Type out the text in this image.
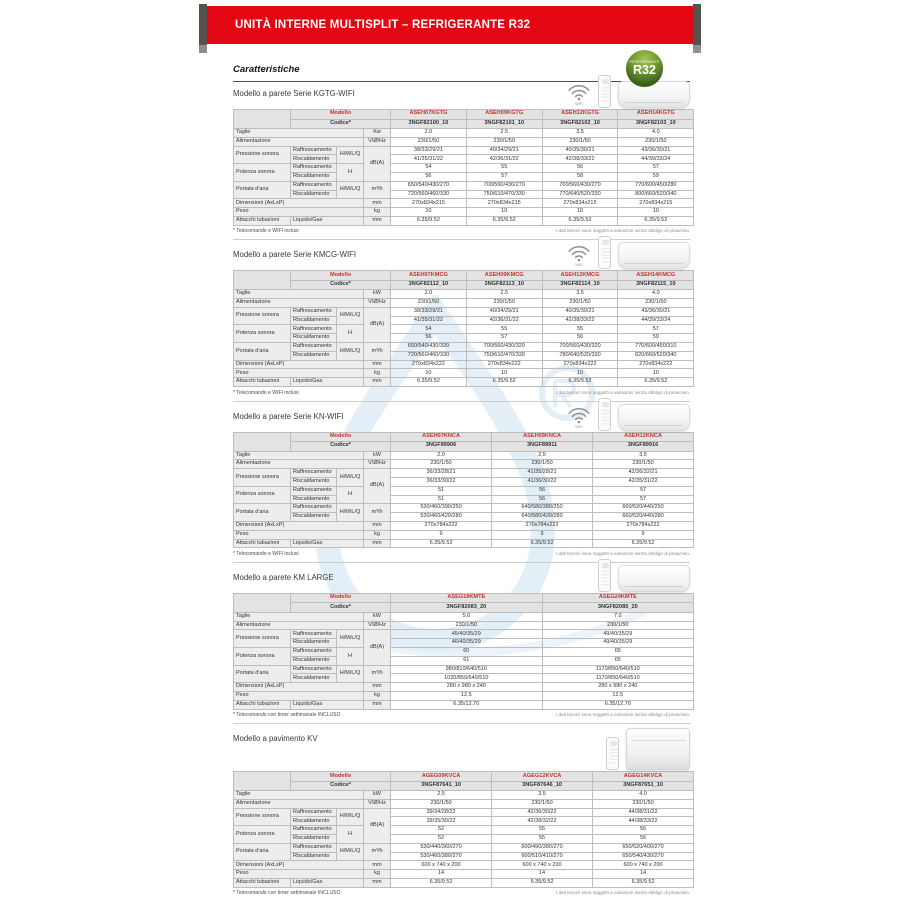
UNITÀ INTERNE MULTISPLIT – REFRIGERANTE R32
REFRIGERANTE
R32
Caratteristiche
Modello a parete Serie KGTG-WIFI
WIFI
	Modello			ASEH07KGTG	ASEH09KGTG	ASEH12KGTG	ASEH14KGTG
	Codice*			3NGF82100_10	3NGF82101_10	3NGF82102_10	3NGF82103_10
Taglie			Kw	2.0	2.5	3.5	4.0
Alimentazione			V/Ø/Hz	230/1/50	230/1/50	230/1/50	230/1/50
Pressione sonora	Raffrescamento	H/M/L/Q	dB(A)	38/33/29/21	40/34/29/21	40/35/30/21	43/36/30/21
	Riscaldamento			41/35/31/22	42/36/31/22	42/38/33/22	44/39/33/24
Potenza sonora	Raffrescamento	H		54	55	56	57
	Riscaldamento			56	57	58	59
Portata d'aria	Raffrescamento	H/M/L/Q	m³/h	650/540/430/270	700/560/430/270	700/560/430/270	770/600/450/280
	Riscaldamento			720/560/460/330	750/610/470/330	770/640/520/330	800/660/520/340
Dimensioni (AxLxP)			mm	270x834x215	270x834x215	270x834x215	270x834x215
Peso			kg	10	10	10	10
Attacchi tubazioni	Liquido/Gas		mm	6.35/9.52	6.35/9.52	6.35/9.52	6.35/9.52
* Telecomando e WIFI inclusi	I dati tecnici sono soggetti a variazioni senza obbligo di preavviso.
Modello a parete Serie KMCG-WIFI
WIFI
	Modello			ASEH07KMCG	ASEH09KMCG	ASEH12KMCG	ASEH14KMCG
	Codice*			3NGF82112_10	3NGF82113_10	3NGF82114_10	3NGF82115_10
Taglie			kW	2.0	2.5	3.5	4.0
Alimentazione			V/Ø/Hz	230/1/50	230/1/50	230/1/50	230/1/50
Pressione sonora	Raffrescamento	H/M/L/Q	dB(A)	38/33/29/21	40/34/29/21	40/35/30/21	43/36/30/21
	Riscaldamento			41/35/31/22	42/36/31/22	42/38/33/22	44/39/33/24
Potenza sonora	Raffrescamento	H		54	55	55	57
	Riscaldamento			56	57	56	59
Portata d'aria	Raffrescamento	H/M/L/Q	m³/h	650/540/430/320	700/560/430/320	700/560/430/320	770/600/450/310
	Riscaldamento			720/560/460/330	750/610/470/330	780/640/520/330	820/660/520/340
Dimensioni (AxLxP)			mm	270x834x222	270x834x222	270x834x222	270x834x222
Peso			kg	10	10	10	10
Attacchi tubazioni	Liquido/Gas		mm	6.35/9.52	6.35/9.52	6.35/9.52	6.35/9.52
* Telecomando e WIFI inclusi	I dati tecnici sono soggetti a variazioni senza obbligo di preavviso.
Modello a parete Serie KN-WIFI
WIFI
	Modello			ASEH07KNCA	ASEH09KNCA	ASEH12KNCA
	Codice*			3NGF89906	3NGF89911	3NGF89916
Taglie			kW	2.0	2.5	3.5
Alimentazione			V/Ø/Hz	230/1/50	230/1/50	230/1/50
Pressione sonora	Raffrescamento	H/M/L/Q	dB(A)	36/33/28/21	41/35/28/21	42/36/32/21
	Riscaldamento			36/33/30/22	41/36/30/22	42/35/31/22
Potenza sonora	Raffrescamento	H		51	56	57
	Riscaldamento			51	56	57
Portata d'aria	Raffrescamento	H/M/L/Q	m³/h	530/460/390/250	640/580/380/250	660/520/440/250
	Riscaldamento			530/460/420/280	640/580/420/280	660/520/440/280
Dimensioni (AxLxP)			mm	270x784x222	270x784x222	270x784x222
Peso			kg	9	9	9
Attacchi tubazioni	Liquido/Gas		mm	6.35/9.52	6.35/9.52	6.35/9.52
* Telecomando e WIFI inclusi	I dati tecnici sono soggetti a variazioni senza obbligo di preavviso.
Modello a parete KM LARGE
	Modello			ASEG18KMTE	ASEG24KMTE
	Codice*			3NGF82083_20	3NGF82085_20
Taglie			kW	5.0	7.0
Alimentazione			V/Ø/Hz	230/1/50	230/1/50
Pressione sonora	Raffrescamento	H/M/L/Q	dB(A)	45/40/35/29	49/40/35/29
	Riscaldamento			46/40/35/29	49/40/35/29
Potenza sonora	Raffrescamento	H		60	65
	Riscaldamento			61	65
Portata d'aria	Raffrescamento	H/M/L/Q	m³/h	980/810/640/510	1170/850/640/510
	Riscaldamento			1020/850/640/510	1170/850/640/510
Dimensioni (AxLxP)			mm	280 x 980 x 240	280 x 980 x 240
Peso			kg	12.5	12.5
Attacchi tubazioni	Liquido/Gas		mm	6.35/12.70	6.35/12.70
* Telecomando con timer settimanale INCLUSO	I dati tecnici sono soggetti a variazioni senza obbligo di preavviso.
Modello a pavimento KV
	Modello			AGEG09KVCA	AGEG12KVCA	AGEG14KVCA
	Codice*			3NGF87641_10	3NGF87646_10	3NGF87651_10
Taglie			kW	2.5	3.5	4.0
Alimentazione			V/Ø/Hz	230/1/50	230/1/50	230/1/50
Pressione sonora	Raffrescamento	H/M/L/Q	dB(A)	39/34/28/22	42/36/30/22	44/38/31/22
	Riscaldamento			39/35/30/22	42/38/32/22	44/38/33/22
Potenza sonora	Raffrescamento	H		52	55	56
	Riscaldamento			52	55	56
Portata d'aria	Raffrescamento	H/M/L/Q	m³/h	530/440/360/270	600/490/380/270	650/520/400/270
	Riscaldamento			530/460/380/270	600/510/410/270	650/540/430/270
Dimensioni (AxLxP)			mm	600 x 740 x 200	600 x 740 x 200	600 x 740 x 200
Peso			kg	14	14	14
Attacchi tubazioni	Liquido/Gas		mm	6.35/9.52	6.35/9.52	6.35/9.52
* Telecomando con timer settimanale INCLUSO	I dati tecnici sono soggetti a variazioni senza obbligo di preavviso.
